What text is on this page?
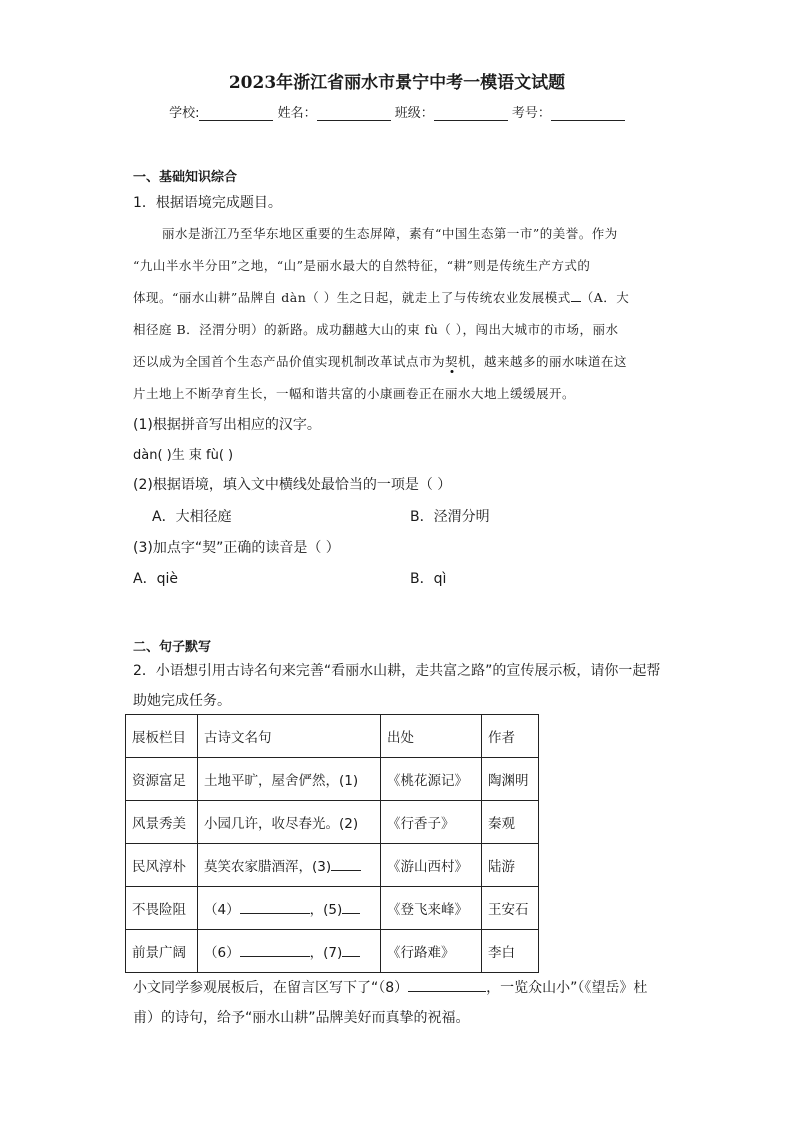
2023年浙江省丽水市景宁中考一模语文试题
学校:	姓名：	班级：	考号：
一、基础知识综合
1．根据语境完成题目。
丽水是浙江乃至华东地区重要的生态屏障，素有“中国生态第一市”的美誉。作为
“九山半水半分田”之地，“山”是丽水最大的自然特征，“耕”则是传统生产方式的
体现。“丽水山耕”品牌自 dàn（ ）生之日起，就走上了与传统农业发展模式 （A．大
相径庭 B．泾渭分明）的新路。成功翻越大山的束 fù（ ），闯出大城市的市场，丽水
还以成为全国首个生态产品价值实现机制改革试点市为契机，越来越多的丽水味道在这
片土地上不断孕育生长，一幅和谐共富的小康画卷正在丽水大地上缓缓展开。
(1)根据拼音写出相应的汉字。
dàn( )生 束 fù( )
(2)根据语境，填入文中横线处最恰当的一项是（ ）
A．大相径庭	B．泾渭分明
(3)加点字“契”正确的读音是（ ）
A．qiè	B．qì
二、句子默写
2．小语想引用古诗名句来完善“看丽水山耕，走共富之路”的宣传展示板，请你一起帮
助她完成任务。
展板栏目	古诗文名句	出处	作者
资源富足	土地平旷，屋舍俨然，(1)	《桃花源记》	陶渊明
风景秀美	小园几许，收尽春光。(2)	《行香子》	秦观
民风淳朴	莫笑农家腊酒浑，(3)	《游山西村》	陆游
不畏险阻	（4） ，(5)	《登飞来峰》	王安石
前景广阔	（6） ，(7)	《行路难》	李白
小文同学参观展板后，在留言区写下了“（8）	，一览众山小”（《望岳》杜
甫）的诗句，给予“丽水山耕”品牌美好而真挚的祝福。
